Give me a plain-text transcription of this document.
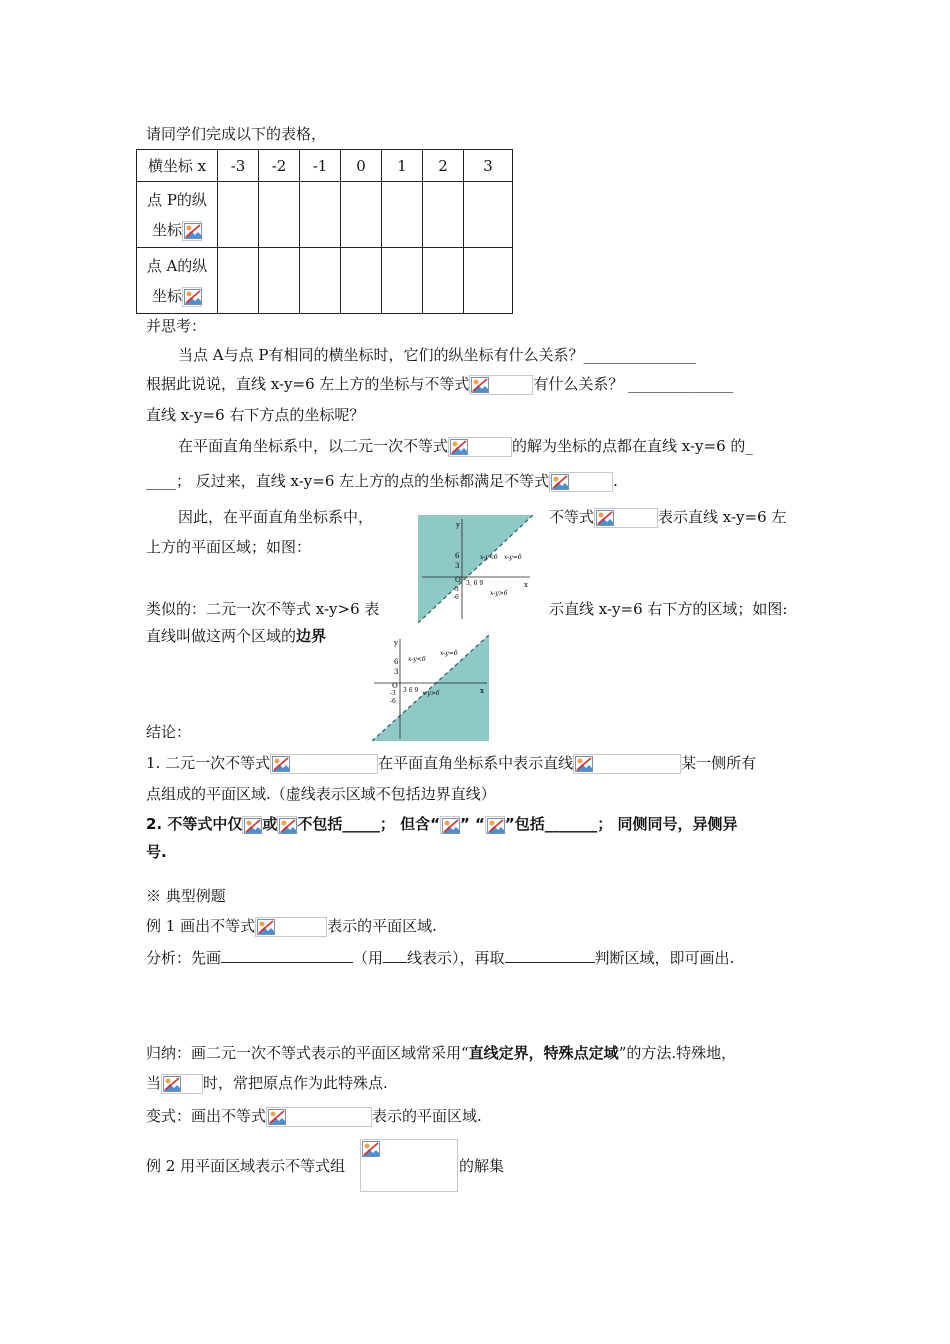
请同学们完成以下的表格，
横坐标 x	-3	-2	-1	0	1	2	3

点 P的纵
坐标							

点 A的纵
坐标							

并思考：
当点 A与点 P有相同的横坐标时，它们的纵坐标有什么关系？_______________
根据此说说，直线 x-y=6 左上方的坐标与不等式	有什么关系？ ______________
直线 x-y=6 右下方点的坐标呢？
在平面直角坐标系中，以二元一次不等式	的解为坐标的点都在直线 x-y=6 的_
____； 反过来，直线 x-y=6 左上方的点的坐标都满足不等式	.
因此，在平面直角坐标系中，	不等式	表示直线 x-y=6 左
上方的平面区域；如图：
类似的：二元一次不等式 x-y>6 表	示直线 x-y=6 右下方的区域；如图:
直线叫做这两个区域的边界
y
x
6
3
O
-3
-6
3, 6 9
x-y<6 x-y=6
x-y>6
y
x
6
3
O
-3
-6
3 6 9
x-y<6
x-y=6
x-y>6
结论：
1. 二元一次不等式	在平面直角坐标系中表示直线	某一侧所有
点组成的平面区域.（虚线表示区域不包括边界直线）
2. 不等式中仅 或 不包括_____； 但含“ ” “ ”包括_______； 同侧同号，异侧异
号.
※ 典型例题
例 1 画出不等式	表示的平面区域.
分析：先画	（用 线表示），再取	判断区域，即可画出.
归纳：画二元一次不等式表示的平面区域常采用“直线定界，特殊点定域”的方法.特殊地，
当	时，常把原点作为此特殊点.
变式：画出不等式	表示的平面区域.
例 2 用平面区域表示不等式组	的解集
